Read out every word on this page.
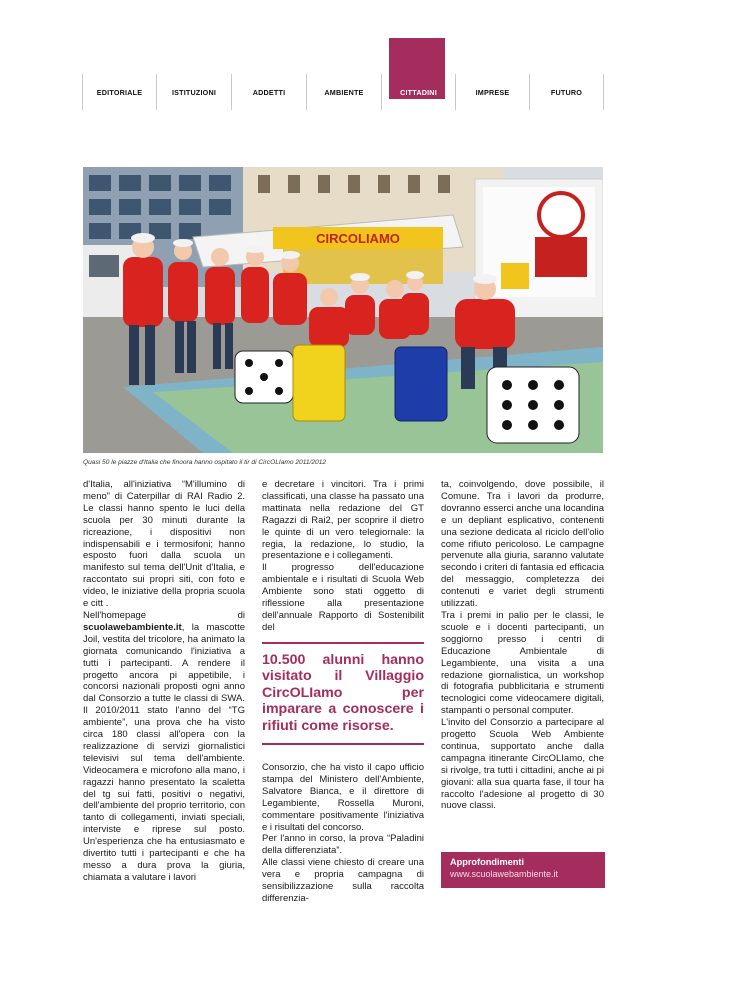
EDITORIALE	ISTITUZIONI	ADDETTI	AMBIENTE	CITTADINI	IMPRESE	FUTURO
CIRCOLIAMO
Quasi 50 le piazze d'Italia che finoora hanno ospitato il tir di CircOLIamo 2011/2012

d'Italia, all'iniziativa “M'illumino di meno” di Caterpillar di RAI Radio 2. Le classi hanno spento le luci della scuola per 30 minuti durante la ricreazione, i dispositivi non indispensabili e i termosifoni; hanno esposto fuori dalla scuola un manifesto sul tema dell'Unit d'Italia, e raccontato sui propri siti, con foto e video, le iniziative della propria scuola e citt .

Nell'homepage di scuolawebambiente.it, la mascotte Joil, vestita del tricolore, ha animato la giornata comunicando l'iniziativa a tutti i partecipanti. A rendere il progetto ancora pi appetibile, i concorsi nazionali proposti ogni anno dal Consorzio a tutte le classi di SWA. Il 2010/2011 stato l'anno del “TG ambiente”, una prova che ha visto circa 180 classi all'opera con la realizzazione di servizi giornalistici televisivi sul tema dell'ambiente. Videocamera e microfono alla mano, i ragazzi hanno presentato la scaletta del tg sui fatti, positivi o negativi, dell'ambiente del proprio territorio, con tanto di collegamenti, inviati speciali, interviste e riprese sul posto. Un'esperienza che ha entusiasmato e divertito tutti i partecipanti e che ha messo a dura prova la giuria, chiamata a valutare i lavori

e decretare i vincitori. Tra i primi classificati, una classe ha passato una mattinata nella redazione del GT Ragazzi di Rai2, per scoprire il dietro le quinte di un vero telegiornale: la regia, la redazione, lo studio, la presentazione e i collegamenti.

Il progresso dell'educazione ambientale e i risultati di Scuola Web Ambiente sono stati oggetto di riflessione alla presentazione dell'annuale Rapporto di Sostenibilit del

10.500 alunni hanno visitato il Villaggio CircOLIamo per imparare a conoscere i rifiuti come risorse.

Consorzio, che ha visto il capo ufficio stampa del Ministero dell'Ambiente, Salvatore Bianca, e il direttore di Legambiente, Rossella Muroni, commentare positivamente l'iniziativa e i risultati del concorso.

Per l'anno in corso, la prova “Paladini della differenziata”.

Alle classi viene chiesto di creare una vera e propria campagna di sensibilizzazione sulla raccolta differenzia-

ta, coinvolgendo, dove possibile, il Comune. Tra i lavori da produrre, dovranno esserci anche una locandina e un depliant esplicativo, contenenti una sezione dedicata al riciclo dell'olio come rifiuto pericoloso. Le campagne pervenute alla giuria, saranno valutate secondo i criteri di fantasia ed efficacia del messaggio, completezza dei contenuti e variet degli strumenti utilizzati.

Tra i premi in palio per le classi, le scuole e i docenti partecipanti, un soggiorno presso i centri di Educazione Ambientale di Legambiente, una visita a una redazione giornalistica, un workshop di fotografia pubblicitaria e strumenti tecnologici come videocamere digitali, stampanti o personal computer.

L'invito del Consorzio a partecipare al progetto Scuola Web Ambiente continua, supportato anche dalla campagna itinerante CircOLIamo, che si rivolge, tra tutti i cittadini, anche ai pi giovani: alla sua quarta fase, il tour ha raccolto l'adesione al progetto di 30 nuove classi.

Approfondimenti
www.scuolawebambiente.it
